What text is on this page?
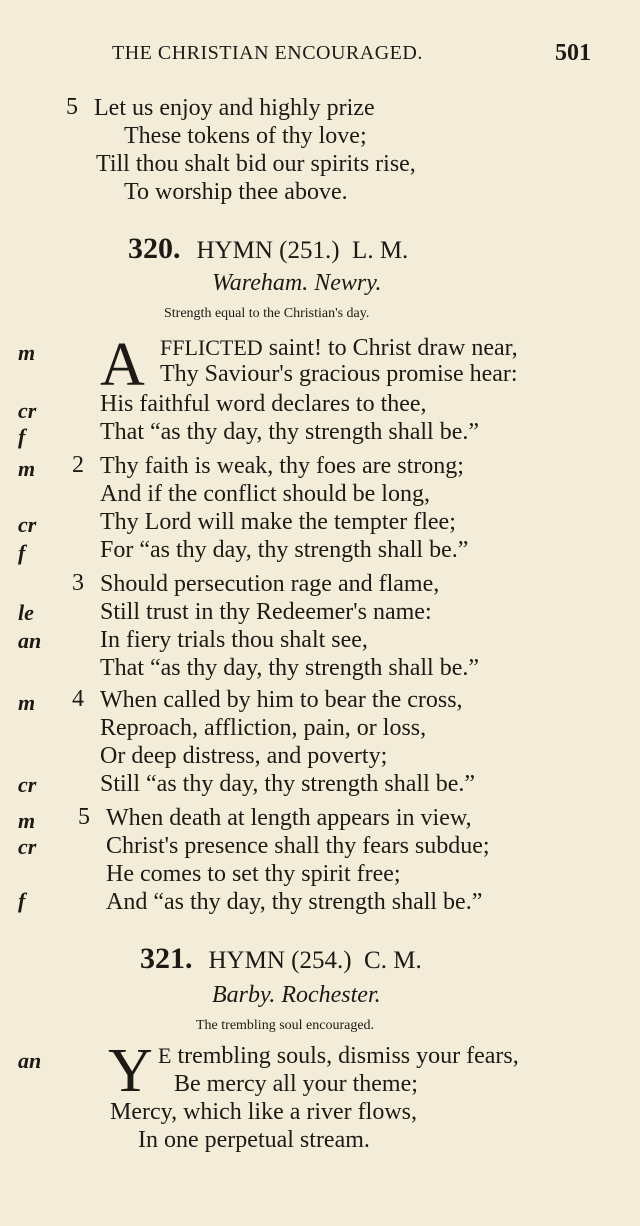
THE CHRISTIAN ENCOURAGED.	501
5 Let us enjoy and highly prize
These tokens of thy love;
Till thou shalt bid our spirits rise,
To worship thee above.
320. HYMN (251.) L. M.
Wareham. Newry.
Strength equal to the Christian's day.
m
cr
f
m
cr
f
le
an
m
cr
m
cr
f
A FFLICTED saint! to Christ draw near,
Thy Saviour's gracious promise hear:
His faithful word declares to thee,
That “as thy day, thy strength shall be.”
2 Thy faith is weak, thy foes are strong;
And if the conflict should be long,
Thy Lord will make the tempter flee;
For “as thy day, thy strength shall be.”
3 Should persecution rage and flame,
Still trust in thy Redeemer's name:
In fiery trials thou shalt see,
That “as thy day, thy strength shall be.”
4 When called by him to bear the cross,
Reproach, affliction, pain, or loss,
Or deep distress, and poverty;
Still “as thy day, thy strength shall be.”
5 When death at length appears in view,
Christ's presence shall thy fears subdue;
He comes to set thy spirit free;
And “as thy day, thy strength shall be.”
321. HYMN (254.) C. M.
Barby. Rochester.
The trembling soul encouraged.
an Y E trembling souls, dismiss your fears,
Be mercy all your theme;
Mercy, which like a river flows,
In one perpetual stream.
